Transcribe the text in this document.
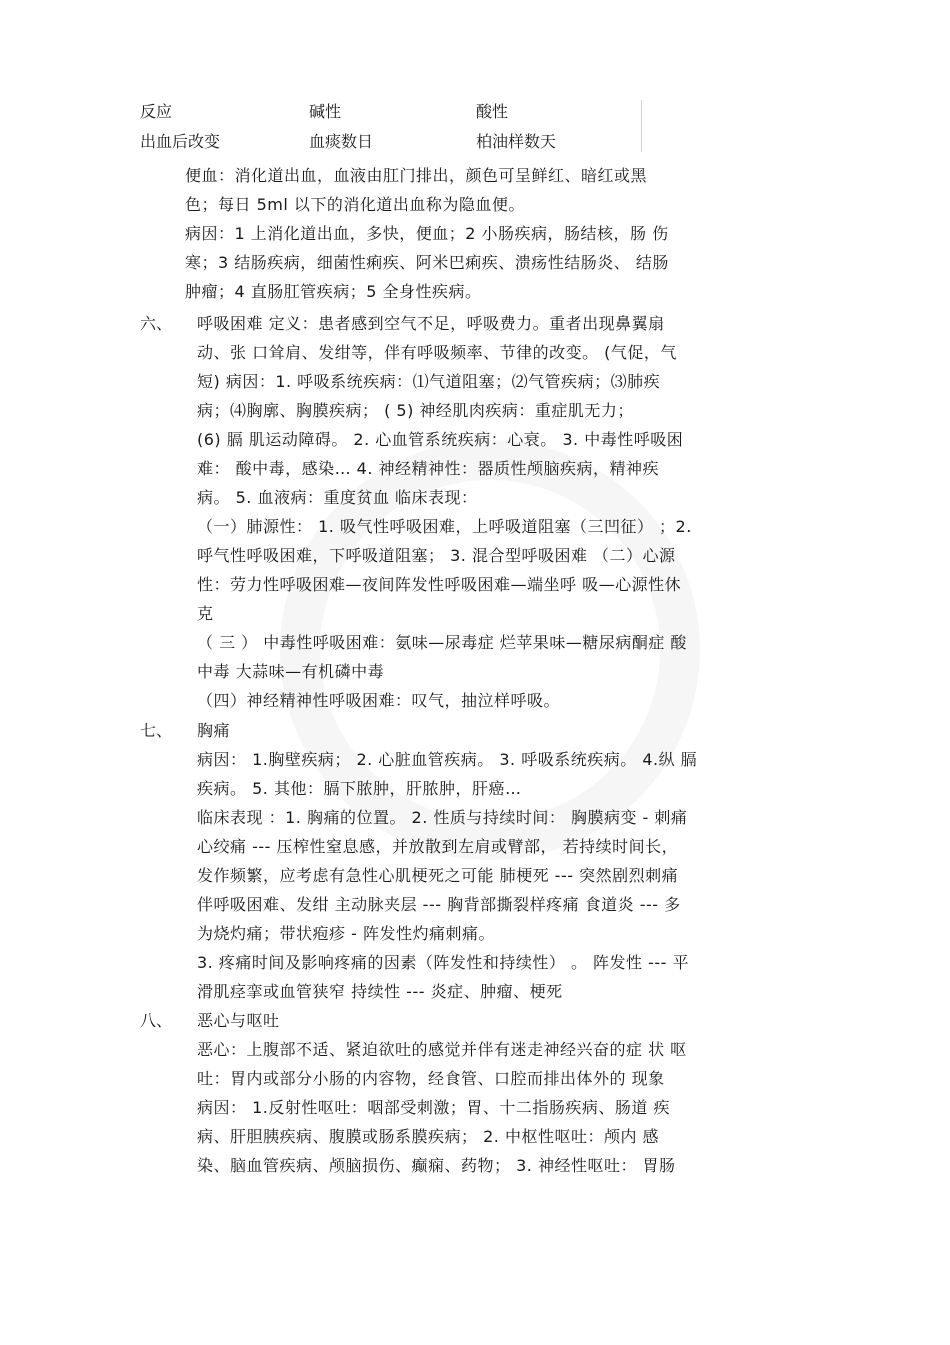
反应	碱性	酸性
出血后改变	血痰数日	柏油样数天
便血：消化道出血，血液由肛门排出，颜色可呈鲜红、暗红或黑
色；每日 5ml 以下的消化道出血称为隐血便。
病因：1 上消化道出血，多快，便血；2 小肠疾病，肠结核，肠 伤
寒；3 结肠疾病，细菌性痢疾、阿米巴痢疾、溃疡性结肠炎、 结肠
肿瘤；4 直肠肛管疾病；5 全身性疾病。
六、 呼吸困难 定义：患者感到空气不足，呼吸费力。重者出现鼻翼扇
动、张 口耸肩、发绀等，伴有呼吸频率、节律的改变。 (气促，气
短) 病因：1. 呼吸系统疾病：⑴气道阻塞；⑵气管疾病；⑶肺疾
病；⑷胸廓、胸膜疾病； ( 5) 神经肌肉疾病：重症肌无力；
(6) 膈 肌运动障碍。 2. 心血管系统疾病：心衰。 3. 中毒性呼吸困
难： 酸中毒，感染… 4. 神经精神性：器质性颅脑疾病，精神疾
病。 5. 血液病：重度贫血 临床表现：
（一）肺源性： 1. 吸气性呼吸困难，上呼吸道阻塞（三凹征） ；2.
呼气性呼吸困难，下呼吸道阻塞； 3. 混合型呼吸困难 （二）心源
性：劳力性呼吸困难—夜间阵发性呼吸困难—端坐呼 吸—心源性休
克
（ 三 ） 中毒性呼吸困难：氨味—尿毒症 烂苹果味—糖尿病酮症 酸
中毒 大蒜味—有机磷中毒
（四）神经精神性呼吸困难：叹气，抽泣样呼吸。
七、 胸痛
病因： 1.胸壁疾病； 2. 心脏血管疾病。 3. 呼吸系统疾病。 4.纵 膈
疾病。 5. 其他：膈下脓肿，肝脓肿，肝癌…
临床表现 ：1. 胸痛的位置。 2. 性质与持续时间： 胸膜病变 - 刺痛
心绞痛 --- 压榨性窒息感，并放散到左肩或臂部， 若持续时间长，
发作频繁，应考虑有急性心肌梗死之可能 肺梗死 --- 突然剧烈刺痛
伴呼吸困难、发绀 主动脉夹层 --- 胸背部撕裂样疼痛 食道炎 --- 多
为烧灼痛；带状疱疹 - 阵发性灼痛刺痛。
3. 疼痛时间及影响疼痛的因素（阵发性和持续性） 。 阵发性 --- 平
滑肌痉挛或血管狭窄 持续性 --- 炎症、肿瘤、梗死
八、 恶心与呕吐
恶心：上腹部不适、紧迫欲吐的感觉并伴有迷走神经兴奋的症 状 呕
吐：胃内或部分小肠的内容物，经食管、口腔而排出体外的 现象
病因： 1.反射性呕吐：咽部受刺激；胃、十二指肠疾病、肠道 疾
病、肝胆胰疾病、腹膜或肠系膜疾病； 2. 中枢性呕吐：颅内 感
染、脑血管疾病、颅脑损伤、癫痫、药物； 3. 神经性呕吐： 胃肠
